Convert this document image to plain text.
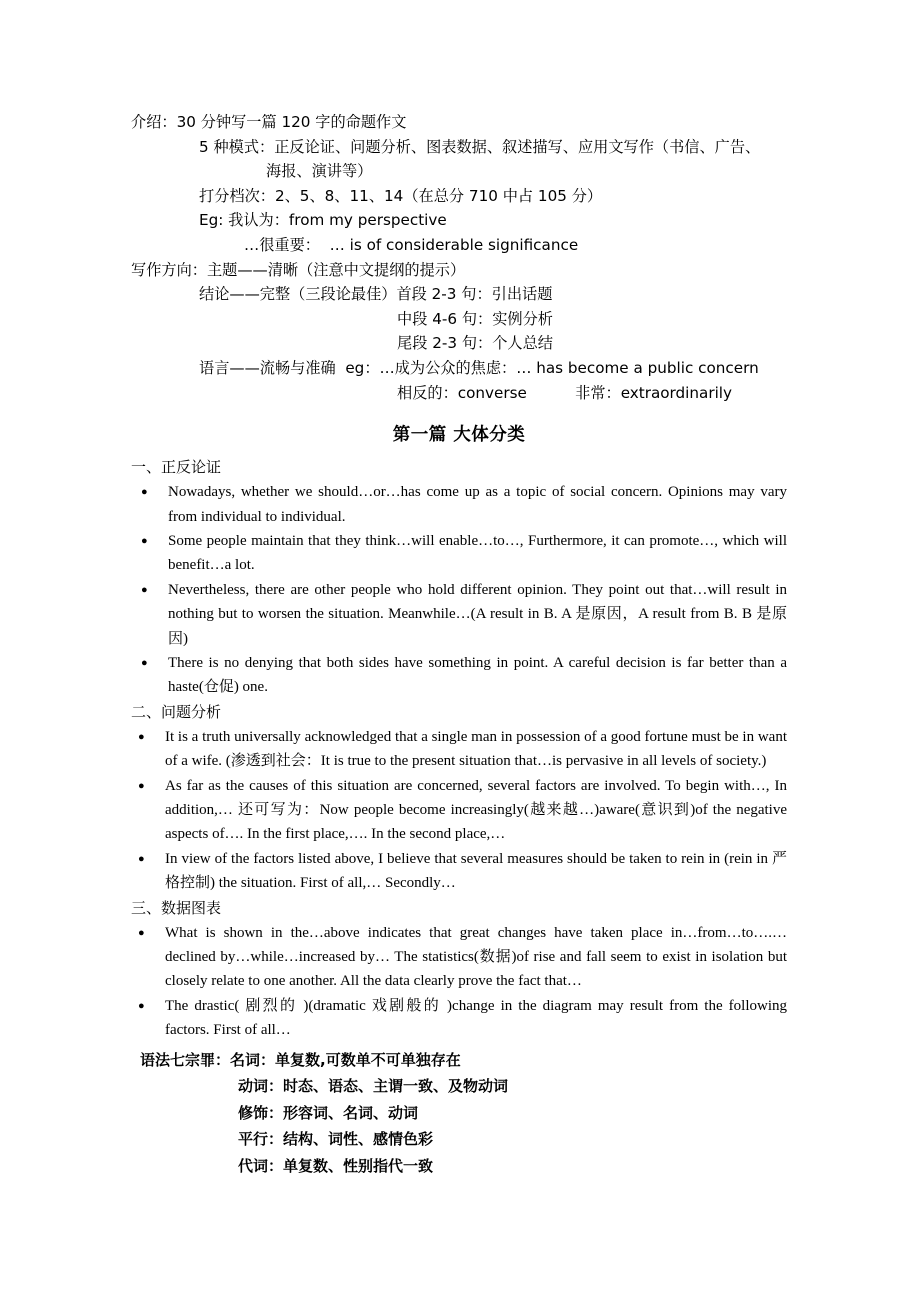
介绍：30 分钟写一篇 120 字的命题作文
5 种模式：正反论证、问题分析、图表数据、叙述描写、应用文写作（书信、广告、
海报、演讲等）
打分档次：2、5、8、11、14（在总分 710 中占 105 分）
Eg: 我认为：from my perspective
…很重要：  … is of considerable significance
写作方向：主题——清晰（注意中文提纲的提示）
结论——完整（三段论最佳）首段 2-3 句：引出话题
中段 4-6 句：实例分析
尾段 2-3 句：个人总结
语言——流畅与准确  eg：…成为公众的焦虑：… has become a public concern
相反的：converse          非常：extraordinarily
第一篇 大体分类
一、正反论证
● Nowadays, whether we should…or…has come up as a topic of social concern. Opinions may vary from individual to individual.
● Some people maintain that they think…will enable…to…, Furthermore, it can promote…, which will benefit…a lot.
● Nevertheless, there are other people who hold different opinion. They point out that…will result in nothing but to worsen the situation. Meanwhile…(A result in B. A 是原因，A result from B. B 是原因)
● There is no denying that both sides have something in point. A careful decision is far better than a haste(仓促) one.
二、问题分析
● It is a truth universally acknowledged that a single man in possession of a good fortune must be in want of a wife. (渗透到社会：It is true to the present situation that…is pervasive in all levels of society.)
● As far as the causes of this situation are concerned, several factors are involved. To begin with…, In addition,… 还可写为：Now people become increasingly(越来越…)aware(意识到)of the negative aspects of…. In the first place,…. In the second place,…
● In view of the factors listed above, I believe that several measures should be taken to rein in (rein in 严格控制) the situation. First of all,… Secondly…
三、数据图表
● What is shown in the…above indicates that great changes have taken place in…from…to….… declined by…while…increased by… The statistics(数据)of rise and fall seem to exist in isolation but closely relate to one another. All the data clearly prove the fact that…
● The drastic( 剧烈的 )(dramatic 戏剧般的 )change in the diagram may result from the following factors. First of all…
语法七宗罪：名词：单复数,可数单不可单独存在
动词：时态、语态、主谓一致、及物动词
修饰：形容词、名词、动词
平行：结构、词性、感情色彩
代词：单复数、性别指代一致
